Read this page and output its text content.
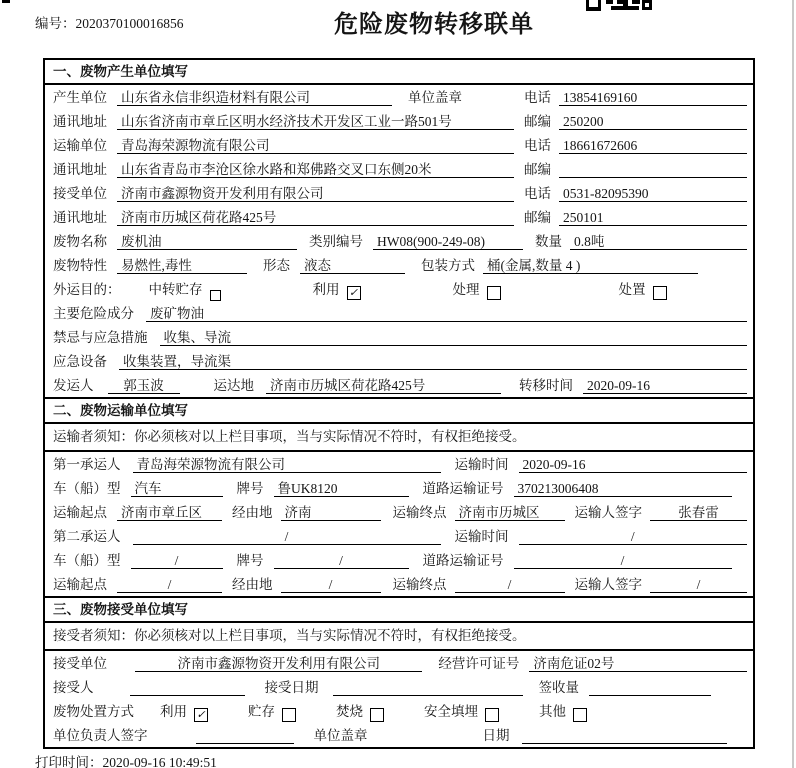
编号：2020370100016856	危险废物转移联单
一、废物产生单位填写
产生单位 山东省永信非织造材料有限公司	单位盖章	电话 13854169160
通讯地址 山东省济南市章丘区明水经济技术开发区工业一路501号	邮编 250200
运输单位 青岛海荣源物流有限公司	电话 18661672606
通讯地址 山东省青岛市李沧区徐水路和郑佛路交叉口东侧20米	邮编
接受单位 济南市鑫源物资开发利用有限公司	电话 0531-82095390
通讯地址 济南市历城区荷花路425号	邮编 250101
废物名称 废机油	类别编号 HW08(900-249-08)	数量 0.8吨
废物特性 易燃性,毒性	形态 液态	包装方式 桶(金属,数量 4 )
外运目的： 中转贮存	利用 ✓	处理	处置
主要危险成分 废矿物油
禁忌与应急措施 收集、导流
应急设备 收集装置，导流渠
发运人	郭玉波	运达地 济南市历城区荷花路425号	转移时间 2020-09-16
二、废物运输单位填写
运输者须知：你必须核对以上栏目事项，当与实际情况不符时，有权拒绝接受。
第一承运人 青岛海荣源物流有限公司	运输时间 2020-09-16
车（船）型 汽车	牌号 鲁UK8120	道路运输证号 370213006408
运输起点 济南市章丘区	经由地 济南	运输终点 济南市历城区	运输人签字	张春雷
第二承运人	/	运输时间	/
车（船）型	/	牌号	/	道路运输证号	/
运输起点	/	经由地	/	运输终点	/	运输人签字	/
三、废物接受单位填写
接受者须知：你必须核对以上栏目事项，当与实际情况不符时，有权拒绝接受。
接受单位	济南市鑫源物资开发利用有限公司	经营许可证号 济南危证02号
接受人	接受日期	签收量
废物处置方式 利用 ✓	贮存	焚烧	安全填埋	其他
单位负责人签字	单位盖章	日期
打印时间：2020-09-16 10:49:51
